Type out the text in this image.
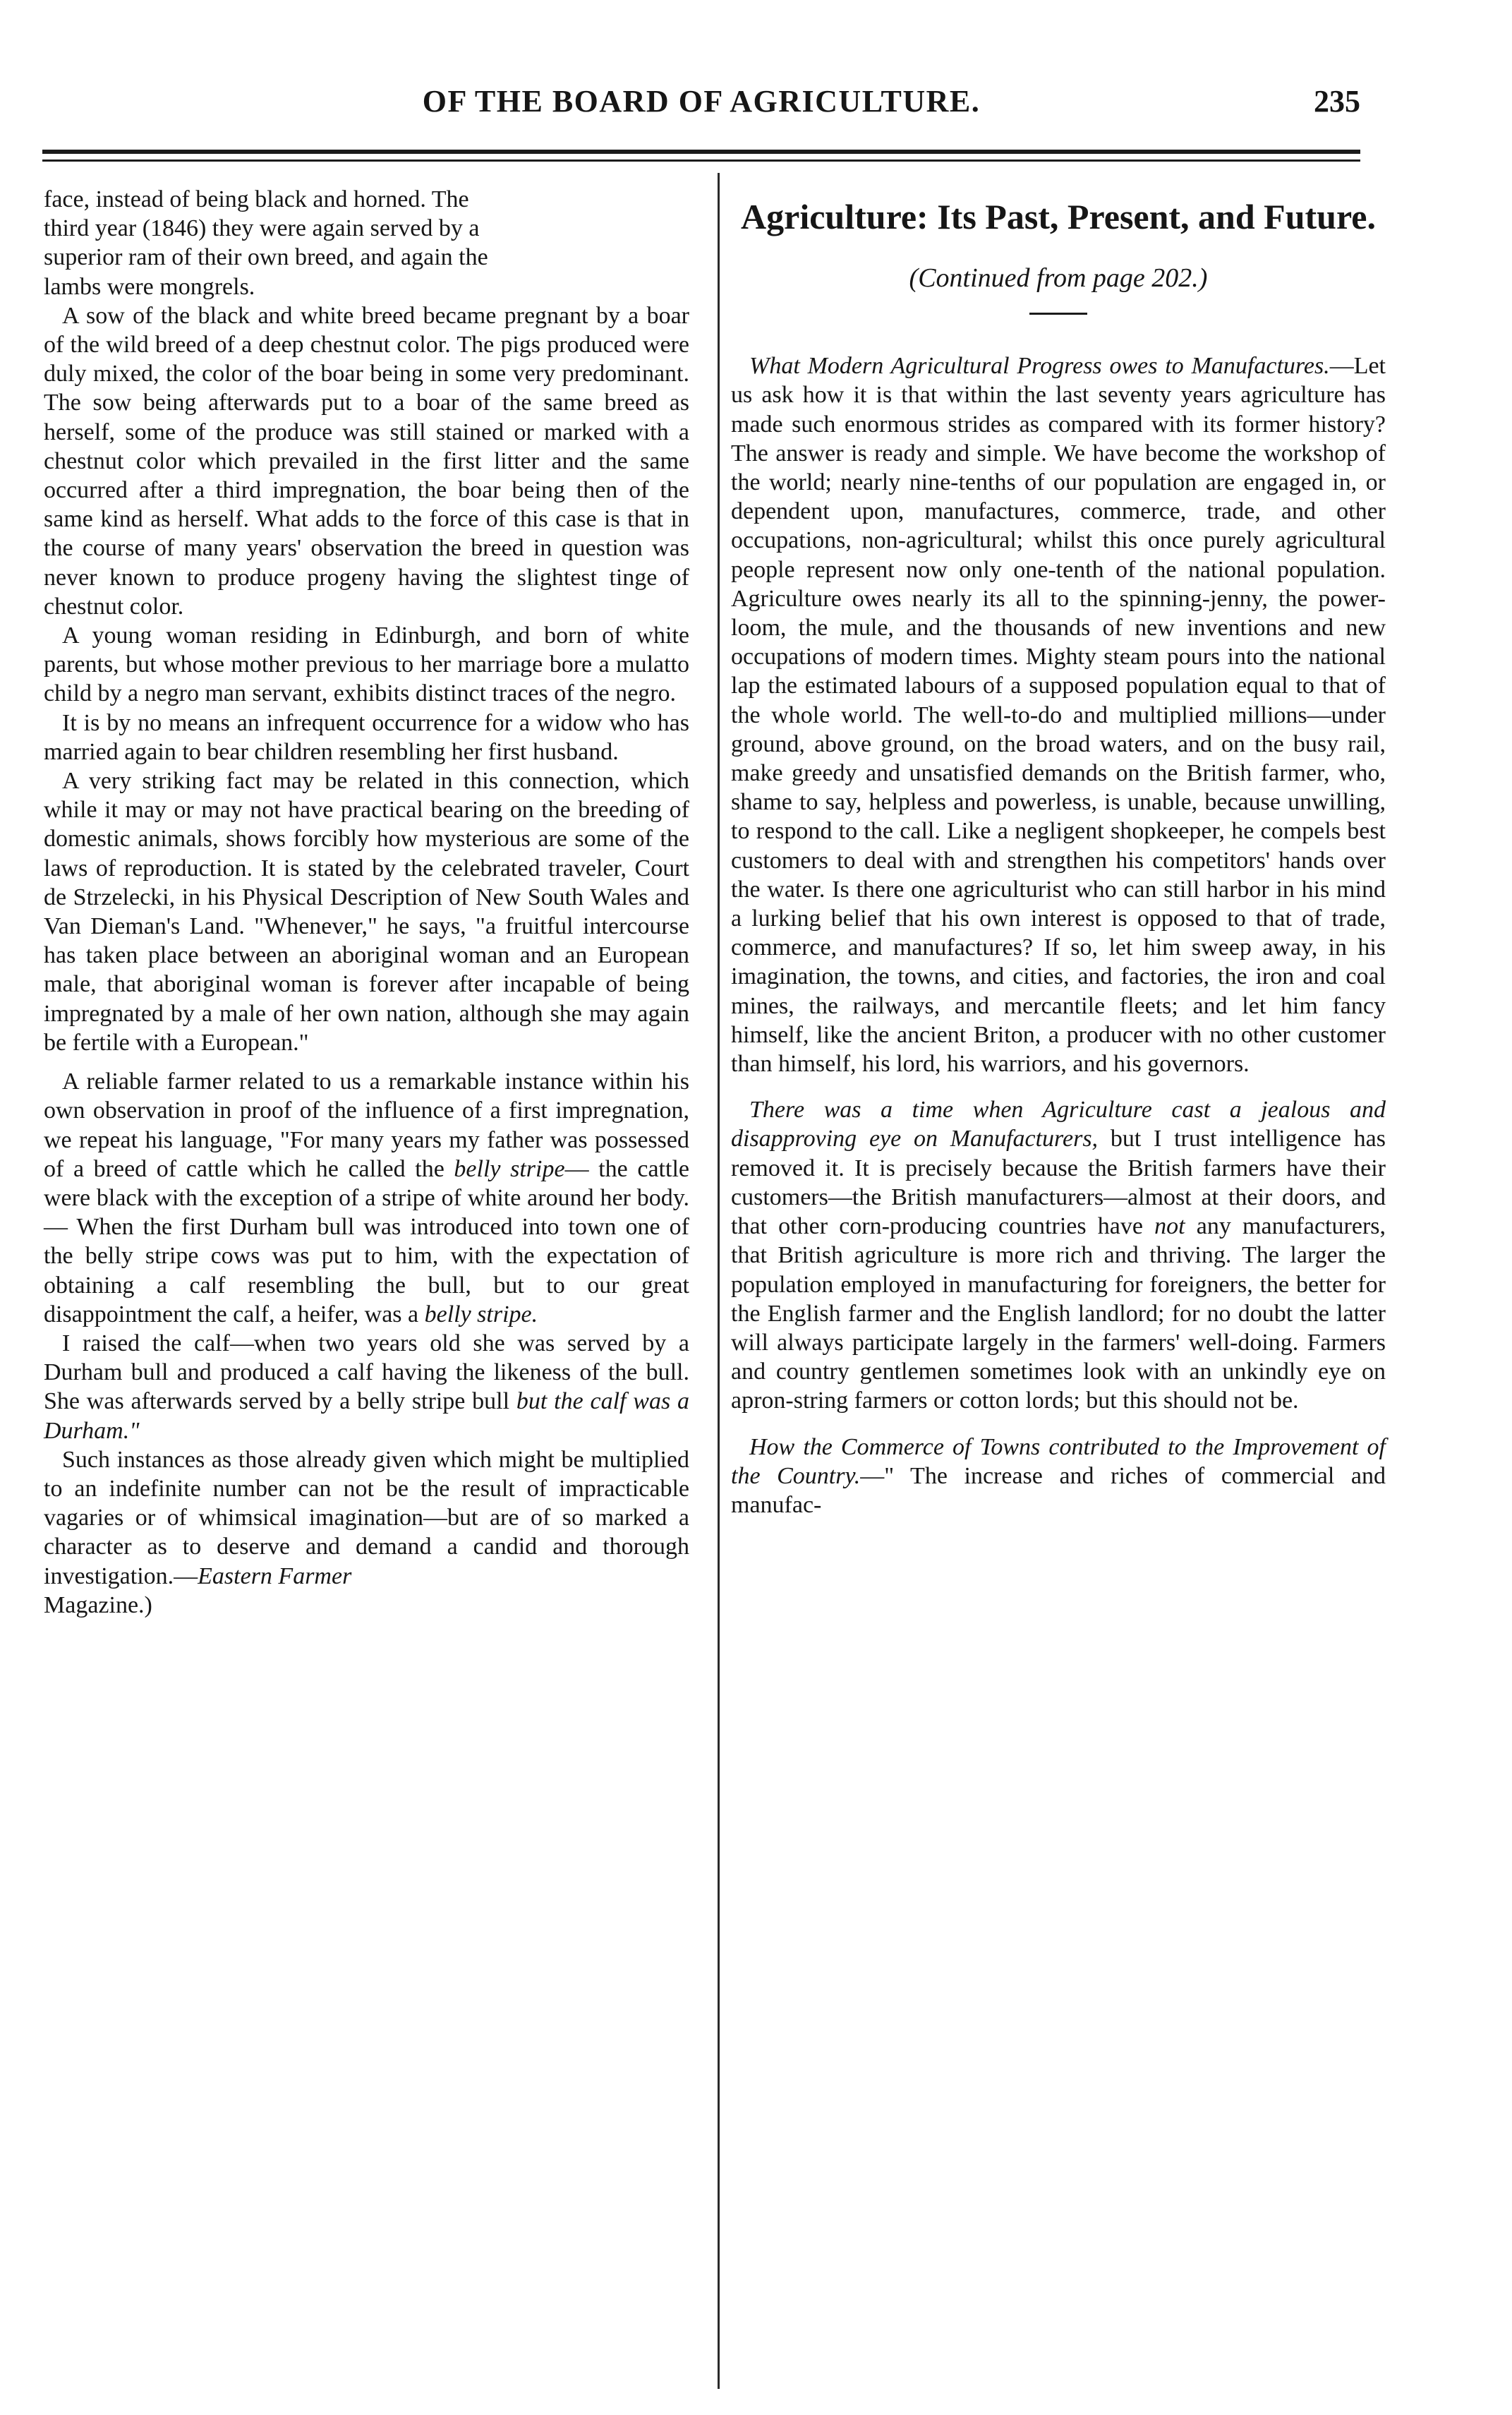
OF THE BOARD OF AGRICULTURE.	235

face, instead of being black and horned. The

third year (1846) they were again served by a

superior ram of their own breed, and again the

lambs were mongrels.

A sow of the black and white breed became pregnant by a boar of the wild breed of a deep chestnut color. The pigs produced were duly mixed, the color of the boar being in some very predominant. The sow being afterwards put to a boar of the same breed as herself, some of the produce was still stained or marked with a chestnut color which prevailed in the first litter and the same occurred after a third impregnation, the boar being then of the same kind as herself. What adds to the force of this case is that in the course of many years' observation the breed in question was never known to produce progeny having the slightest tinge of chestnut color.

A young woman residing in Edinburgh, and born of white parents, but whose mother previous to her marriage bore a mulatto child by a negro man servant, exhibits distinct traces of the negro.

It is by no means an infrequent occurrence for a widow who has married again to bear children resembling her first husband.

A very striking fact may be related in this connection, which while it may or may not have practical bearing on the breeding of domestic animals, shows forcibly how mysterious are some of the laws of reproduction. It is stated by the celebrated traveler, Court de Strzelecki, in his Physical Description of New South Wales and Van Dieman's Land. "Whenever," he says, "a fruitful intercourse has taken place between an aboriginal woman and an European male, that aboriginal woman is forever after incapable of being impregnated by a male of her own nation, although she may again be fertile with a European."

A reliable farmer related to us a remarkable instance within his own observation in proof of the influence of a first impregnation, we repeat his language, "For many years my father was possessed of a breed of cattle which he called the belly stripe— the cattle were black with the exception of a stripe of white around her body.— When the first Durham bull was introduced into town one of the belly stripe cows was put to him, with the expectation of obtaining a calf resembling the bull, but to our great disappointment the calf, a heifer, was a belly stripe.

I raised the calf—when two years old she was served by a Durham bull and produced a calf having the likeness of the bull. She was afterwards served by a belly stripe bull but the calf was a Durham."

Such instances as those already given which might be multiplied to an indefinite number can not be the result of impracticable vagaries or of whimsical imagination—but are of so marked a character as to deserve and demand a candid and thorough investigation.—Eastern Farmer

Magazine.)

Agriculture: Its Past, Present, and Future.
(Continued from page 202.)

What Modern Agricultural Progress owes to Manufactures.—Let us ask how it is that within the last seventy years agriculture has made such enormous strides as compared with its former history? The answer is ready and simple. We have become the workshop of the world; nearly nine-tenths of our population are engaged in, or dependent upon, manufactures, commerce, trade, and other occupations, non-agricultural; whilst this once purely agricultural people represent now only one-tenth of the national population. Agriculture owes nearly its all to the spinning-jenny, the power-loom, the mule, and the thousands of new inventions and new occupations of modern times. Mighty steam pours into the national lap the estimated labours of a supposed population equal to that of the whole world. The well-to-do and multiplied millions—under ground, above ground, on the broad waters, and on the busy rail, make greedy and unsatisfied demands on the British farmer, who, shame to say, helpless and powerless, is unable, because unwilling, to respond to the call. Like a negligent shopkeeper, he compels best customers to deal with and strengthen his competitors' hands over the water. Is there one agriculturist who can still harbor in his mind a lurking belief that his own interest is opposed to that of trade, commerce, and manufactures? If so, let him sweep away, in his imagination, the towns, and cities, and factories, the iron and coal mines, the railways, and mercantile fleets; and let him fancy himself, like the ancient Briton, a producer with no other customer than himself, his lord, his warriors, and his governors.

There was a time when Agriculture cast a jealous and disapproving eye on Manufacturers, but I trust intelligence has removed it. It is precisely because the British farmers have their customers—the British manufacturers—almost at their doors, and that other corn-producing countries have not any manufacturers, that British agriculture is more rich and thriving. The larger the population employed in manufacturing for foreigners, the better for the English farmer and the English landlord; for no doubt the latter will always participate largely in the farmers' well-doing. Farmers and country gentlemen sometimes look with an unkindly eye on apron-string farmers or cotton lords; but this should not be.

How the Commerce of Towns contributed to the Improvement of the Country.—" The increase and riches of commercial and manufac-
